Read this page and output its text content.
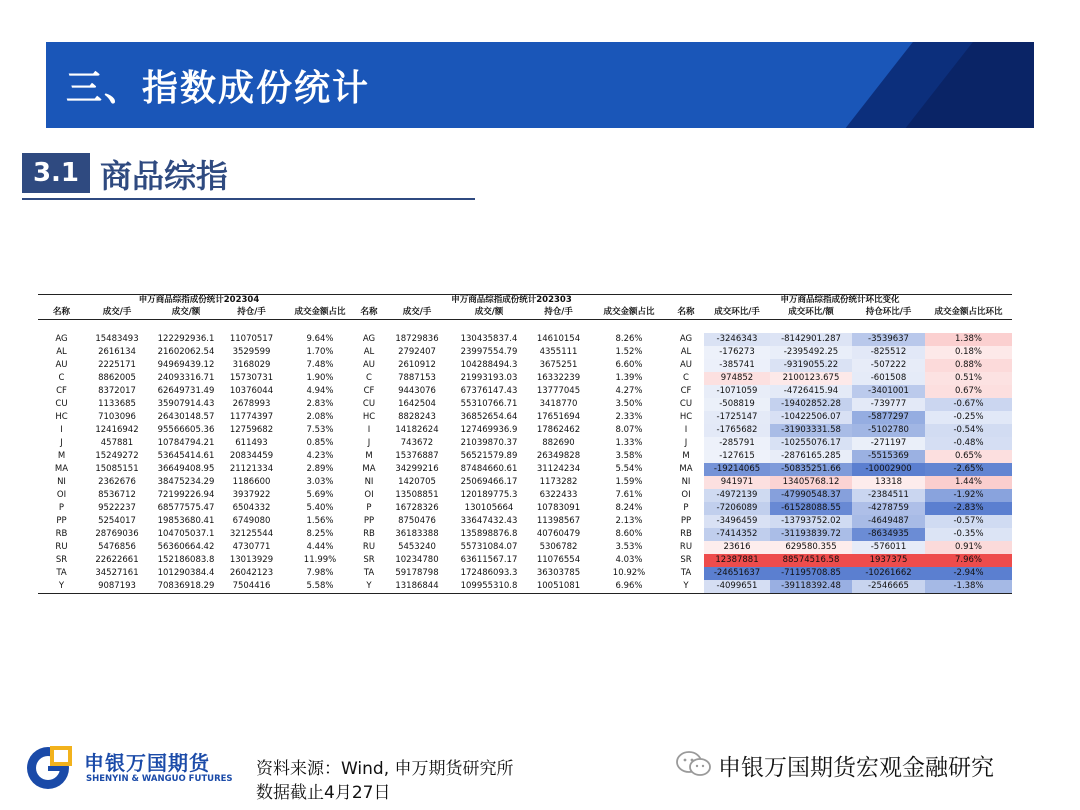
三、指数成份统计
3.1 商品综指
申万商品综指成份统计202304				
名称	成交/手	成交/额	持仓/手	成交金额占比

AG	15483493	122292936.1	11070517	9.64%
AL	2616134	21602062.54	3529599	1.70%
AU	2225171	94969439.12	3168029	7.48%
C	8862005	24093316.71	15730731	1.90%
CF	8372017	62649731.49	10376044	4.94%
CU	1133685	35907914.43	2678993	2.83%
HC	7103096	26430148.57	11774397	2.08%
I	12416942	95566605.36	12759682	7.53%
J	457881	10784794.21	611493	0.85%
M	15249272	53645414.61	20834459	4.23%
MA	15085151	36649408.95	21121334	2.89%
NI	2362676	38475234.29	1186600	3.03%
OI	8536712	72199226.94	3937922	5.69%
P	9522237	68577575.47	6504332	5.40%
PP	5254017	19853680.41	6749080	1.56%
RB	28769036	104705037.1	32125544	8.25%
RU	5476856	56360664.42	4730771	4.44%
SR	22622661	152186083.8	13013929	11.99%
TA	34527161	101290384.4	26042123	7.98%
Y	9087193	70836918.29	7504416	5.58%
申万商品综指成份统计202303				
名称	成交/手	成交/额	持仓/手	成交金额占比

AG	18729836	130435837.4	14610154	8.26%
AL	2792407	23997554.79	4355111	1.52%
AU	2610912	104288494.3	3675251	6.60%
C	7887153	21993193.03	16332239	1.39%
CF	9443076	67376147.43	13777045	4.27%
CU	1642504	55310766.71	3418770	3.50%
HC	8828243	36852654.64	17651694	2.33%
I	14182624	127469936.9	17862462	8.07%
J	743672	21039870.37	882690	1.33%
M	15376887	56521579.89	26349828	3.58%
MA	34299216	87484660.61	31124234	5.54%
NI	1420705	25069466.17	1173282	1.59%
OI	13508851	120189775.3	6322433	7.61%
P	16728326	130105664	10783091	8.24%
PP	8750476	33647432.43	11398567	2.13%
RB	36183388	135898876.8	40760479	8.60%
RU	5453240	55731084.07	5306782	3.53%
SR	10234780	63611567.17	11076554	4.03%
TA	59178798	172486093.3	36303785	10.92%
Y	13186844	109955310.8	10051081	6.96%
申万商品综指成份统计环比变化				
名称	成交环比/手	成交环比/额	持仓环比/手	成交金额占比环比

AG	-3246343	-8142901.287	-3539637	1.38%
AL	-176273	-2395492.25	-825512	0.18%
AU	-385741	-9319055.22	-507222	0.88%
C	974852	2100123.675	-601508	0.51%
CF	-1071059	-4726415.94	-3401001	0.67%
CU	-508819	-19402852.28	-739777	-0.67%
HC	-1725147	-10422506.07	-5877297	-0.25%
I	-1765682	-31903331.58	-5102780	-0.54%
J	-285791	-10255076.17	-271197	-0.48%
M	-127615	-2876165.285	-5515369	0.65%
MA	-19214065	-50835251.66	-10002900	-2.65%
NI	941971	13405768.12	13318	1.44%
OI	-4972139	-47990548.37	-2384511	-1.92%
P	-7206089	-61528088.55	-4278759	-2.83%
PP	-3496459	-13793752.02	-4649487	-0.57%
RB	-7414352	-31193839.72	-8634935	-0.35%
RU	23616	629580.355	-576011	0.91%
SR	12387881	88574516.58	1937375	7.96%
TA	-24651637	-71195708.85	-10261662	-2.94%
Y	-4099651	-39118392.48	-2546665	-1.38%
申银万国期货
SHENYIN & WANGUO FUTURES 资料来源：Wind, 申万期货研究所
数据截止4月27日
申银万国期货宏观金融研究
